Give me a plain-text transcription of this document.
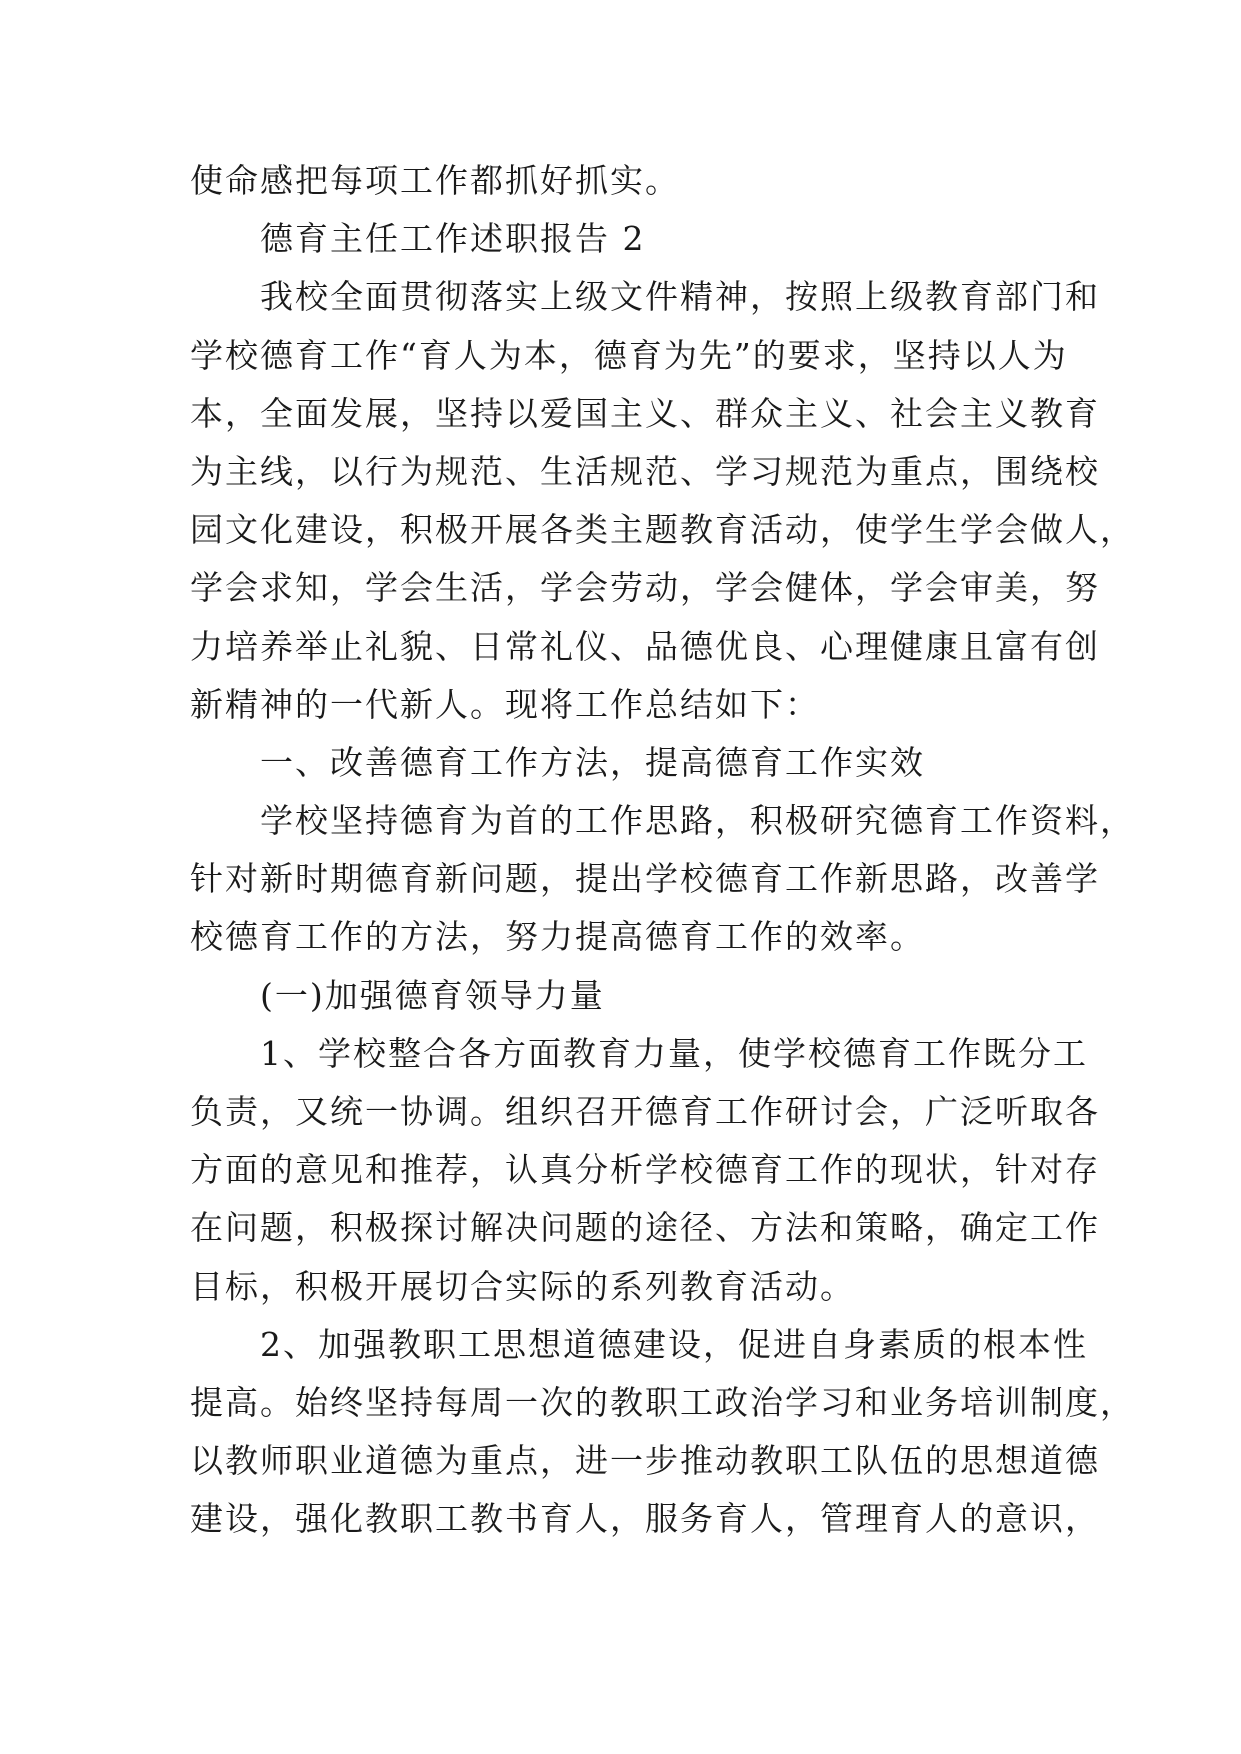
使命感把每项工作都抓好抓实。
德育主任工作述职报告 2
我校全面贯彻落实上级文件精神，按照上级教育部门和
学校德育工作“育人为本，德育为先”的要求，坚持以人为
本，全面发展，坚持以爱国主义、群众主义、社会主义教育
为主线，以行为规范、生活规范、学习规范为重点，围绕校
园文化建设，积极开展各类主题教育活动，使学生学会做人，
学会求知，学会生活，学会劳动，学会健体，学会审美，努
力培养举止礼貌、日常礼仪、品德优良、心理健康且富有创
新精神的一代新人。现将工作总结如下：
一、改善德育工作方法，提高德育工作实效
学校坚持德育为首的工作思路，积极研究德育工作资料，
针对新时期德育新问题，提出学校德育工作新思路，改善学
校德育工作的方法，努力提高德育工作的效率。
(一)加强德育领导力量
1、学校整合各方面教育力量，使学校德育工作既分工
负责，又统一协调。组织召开德育工作研讨会，广泛听取各
方面的意见和推荐，认真分析学校德育工作的现状，针对存
在问题，积极探讨解决问题的途径、方法和策略，确定工作
目标，积极开展切合实际的系列教育活动。
2、加强教职工思想道德建设，促进自身素质的根本性
提高。始终坚持每周一次的教职工政治学习和业务培训制度，
以教师职业道德为重点，进一步推动教职工队伍的思想道德
建设，强化教职工教书育人，服务育人，管理育人的意识，
